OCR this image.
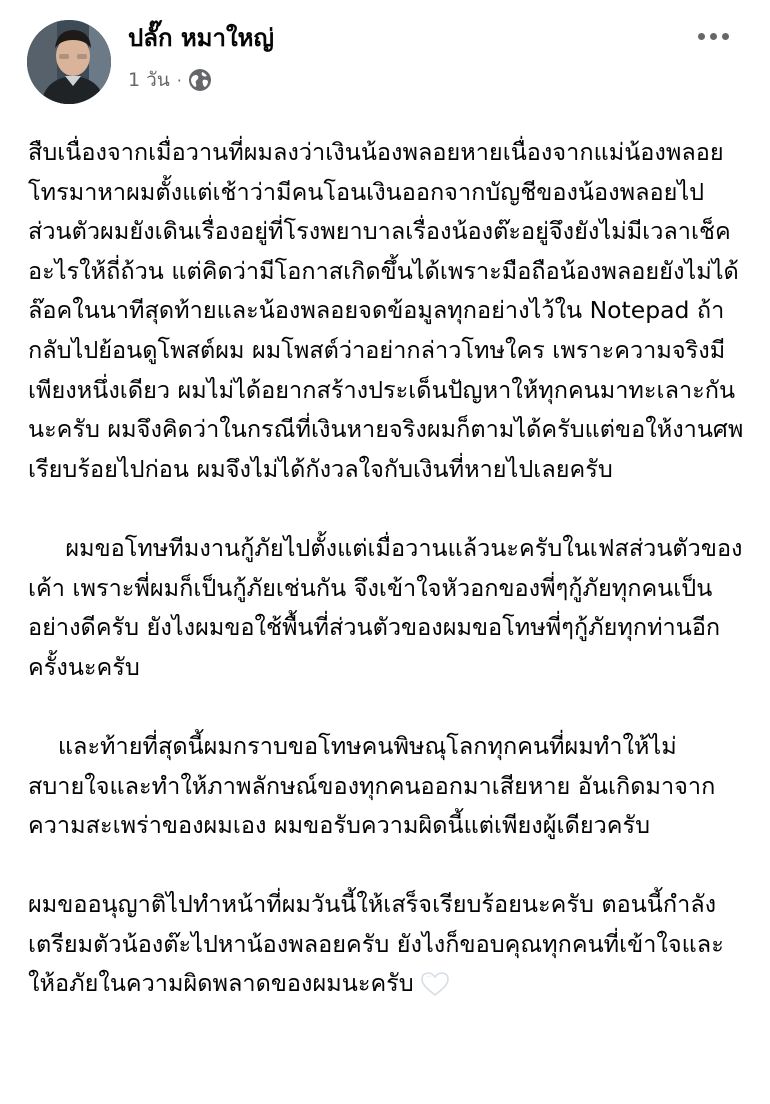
ปลั๊ก หมาใหญ่
1 วัน ·

สืบเนื่องจากเมื่อวานที่ผมลงว่าเงินน้องพลอยหายเนื่องจากแม่น้องพลอยโทรมาหาผมตั้งแต่เช้าว่ามีคนโอนเงินออกจากบัญชีของน้องพลอยไป ส่วนตัวผมยังเดินเรื่องอยู่ที่โรงพยาบาลเรื่องน้องต๊ะอยู่จึงยังไม่มีเวลาเช็คอะไรให้ถี่ถ้วน แต่คิดว่ามีโอกาสเกิดขึ้นได้เพราะมือถือน้องพลอยยังไม่ได้ล๊อคในนาทีสุดท้ายและน้องพลอยจดข้อมูลทุกอย่างไว้ใน Notepad ถ้ากลับไปย้อนดูโพสต์ผม ผมโพสต์ว่าอย่ากล่าวโทษใคร เพราะความจริงมีเพียงหนึ่งเดียว ผมไม่ได้อยากสร้างประเด็นปัญหาให้ทุกคนมาทะเลาะกันนะครับ ผมจึงคิดว่าในกรณีที่เงินหายจริงผมก็ตามได้ครับแต่ขอให้งานศพเรียบร้อยไปก่อน ผมจึงไม่ได้กังวลใจกับเงินที่หายไปเลยครับ

ผมขอโทษทีมงานกู้ภัยไปตั้งแต่เมื่อวานแล้วนะครับในเฟสส่วนตัวของเค้า เพราะพี่ผมก็เป็นกู้ภัยเช่นกัน จึงเข้าใจหัวอกของพี่ๆกู้ภัยทุกคนเป็นอย่างดีครับ ยังไงผมขอใช้พื้นที่ส่วนตัวของผมขอโทษพี่ๆกู้ภัยทุกท่านอีกครั้งนะครับ

และท้ายที่สุดนี้ผมกราบขอโทษคนพิษณุโลกทุกคนที่ผมทำให้ไม่สบายใจและทำให้ภาพลักษณ์ของทุกคนออกมาเสียหาย อันเกิดมาจากความสะเพร่าของผมเอง ผมขอรับความผิดนี้แต่เพียงผู้เดียวครับ

ผมขออนุญาติไปทำหน้าที่ผมวันนี้ให้เสร็จเรียบร้อยนะครับ ตอนนี้กำลังเตรียมตัวน้องต๊ะไปหาน้องพลอยครับ ยังไงก็ขอบคุณทุกคนที่เข้าใจและให้อภัยในความผิดพลาดของผมนะครับ
